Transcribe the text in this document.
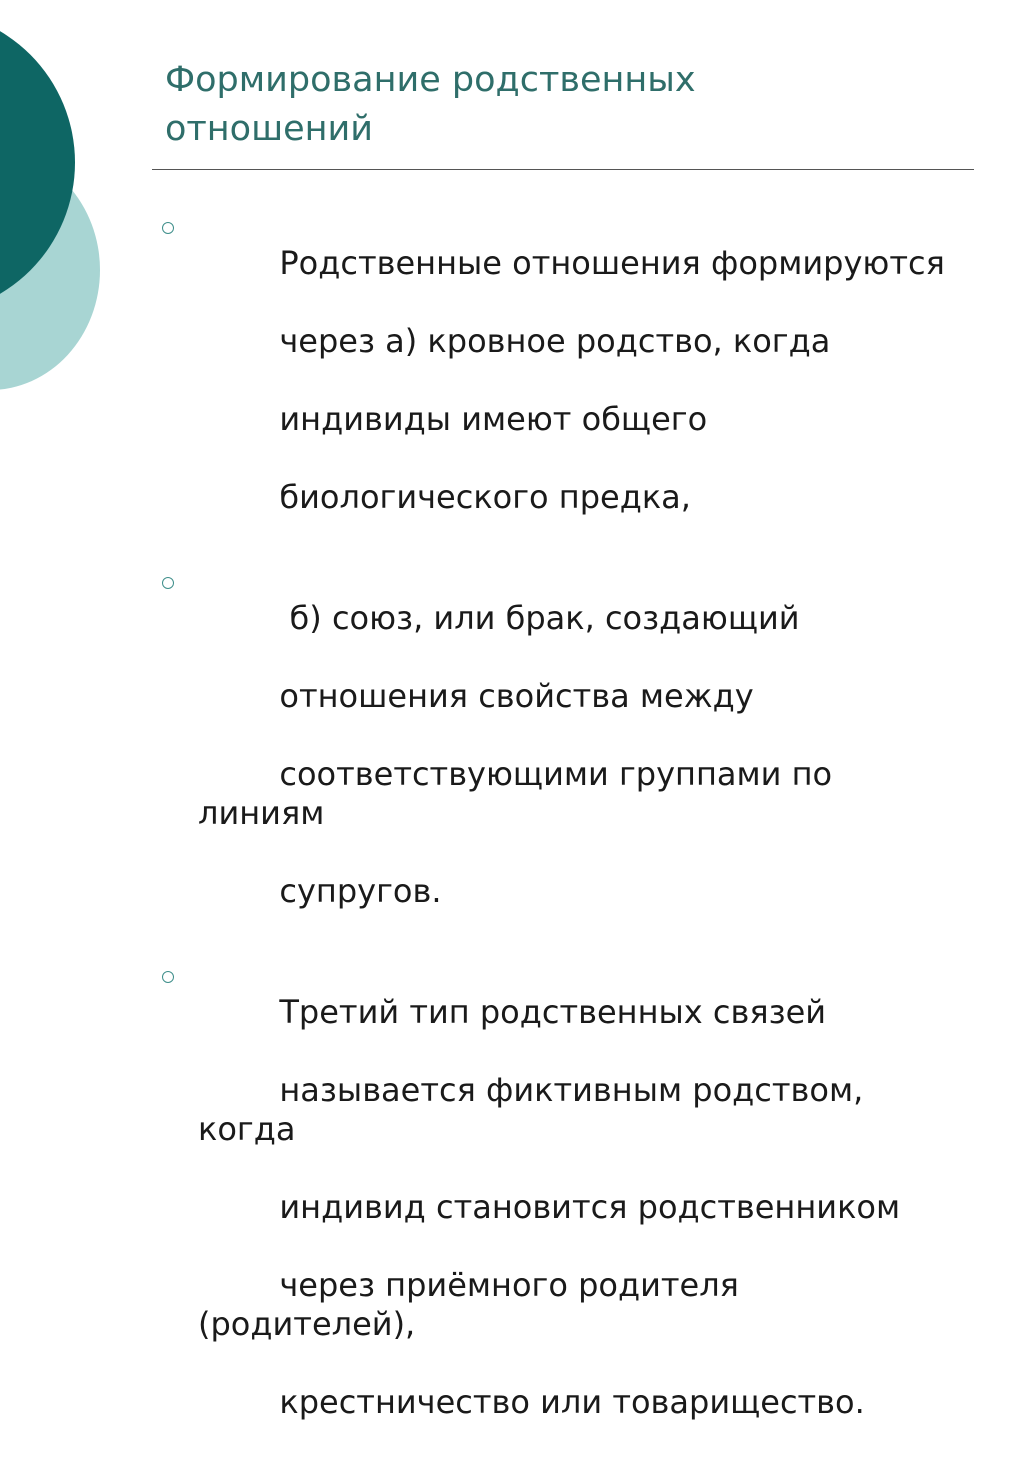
Формирование родственных
отношений

Родственные отношения формируются

через а) кровное родство, когда

индивиды имеют общего

биологического предка,

б) союз, или брак, создающий

отношения свойства между

соответствующими группами по линиям

супругов.

Третий тип родственных связей

называется фиктивным родством, когда

индивид становится родственником

через приёмного родителя (родителей),

крестничество или товарищество.
